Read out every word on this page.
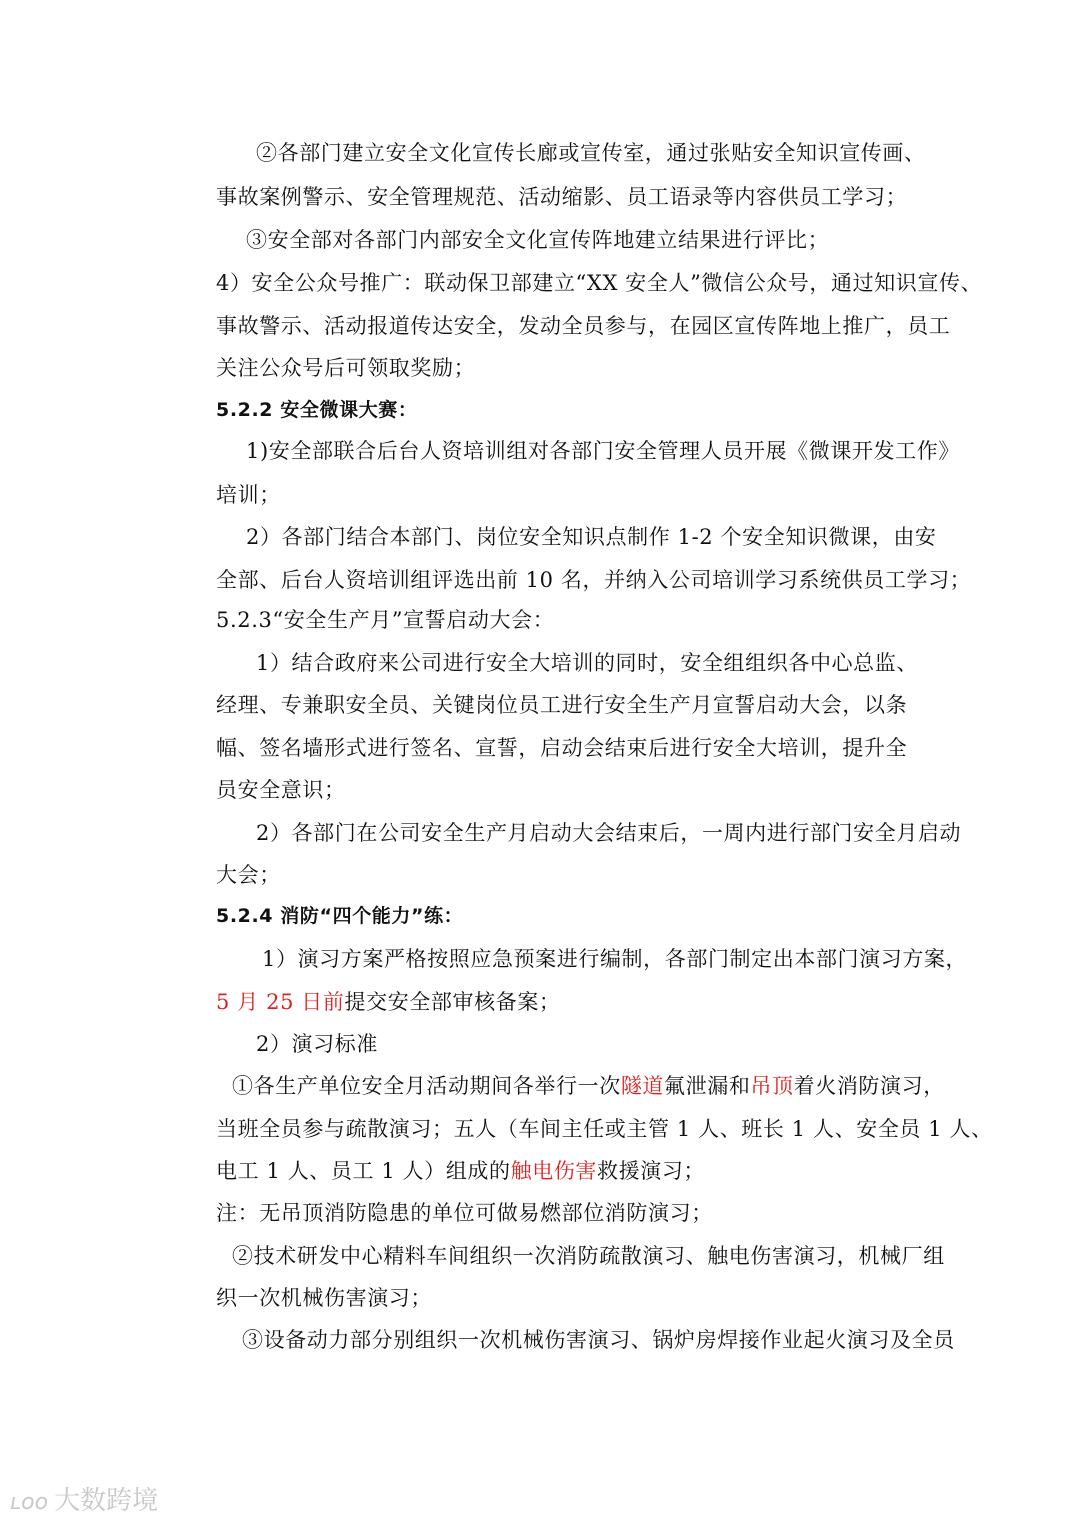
②各部门建立安全文化宣传长廊或宣传室，通过张贴安全知识宣传画、
事故案例警示、安全管理规范、活动缩影、员工语录等内容供员工学习；
③安全部对各部门内部安全文化宣传阵地建立结果进行评比；
4）安全公众号推广：联动保卫部建立“XX 安全人”微信公众号，通过知识宣传、
事故警示、活动报道传达安全，发动全员参与，在园区宣传阵地上推广，员工
关注公众号后可领取奖励；
5.2.2 安全微课大赛：
1)安全部联合后台人资培训组对各部门安全管理人员开展《微课开发工作》
培训；
2）各部门结合本部门、岗位安全知识点制作 1-2 个安全知识微课，由安
全部、后台人资培训组评选出前 10 名，并纳入公司培训学习系统供员工学习；
5.2.3“安全生产月”宣誓启动大会：
1）结合政府来公司进行安全大培训的同时，安全组组织各中心总监、
经理、专兼职安全员、关键岗位员工进行安全生产月宣誓启动大会，以条
幅、签名墙形式进行签名、宣誓，启动会结束后进行安全大培训，提升全
员安全意识；
2）各部门在公司安全生产月启动大会结束后，一周内进行部门安全月启动
大会；
5.2.4 消防“四个能力”练：
1）演习方案严格按照应急预案进行编制，各部门制定出本部门演习方案，
5 月 25 日前提交安全部审核备案；
2）演习标准
①各生产单位安全月活动期间各举行一次隧道氟泄漏和吊顶着火消防演习，
当班全员参与疏散演习；五人（车间主任或主管 1 人、班长 1 人、安全员 1 人、
电工 1 人、员工 1 人）组成的触电伤害救援演习；
注：无吊顶消防隐患的单位可做易燃部位消防演习；
②技术研发中心精料车间组织一次消防疏散演习、触电伤害演习，机械厂组
织一次机械伤害演习；
③设备动力部分别组织一次机械伤害演习、锅炉房焊接作业起火演习及全员
ʟᴏᴏ 大数跨境
